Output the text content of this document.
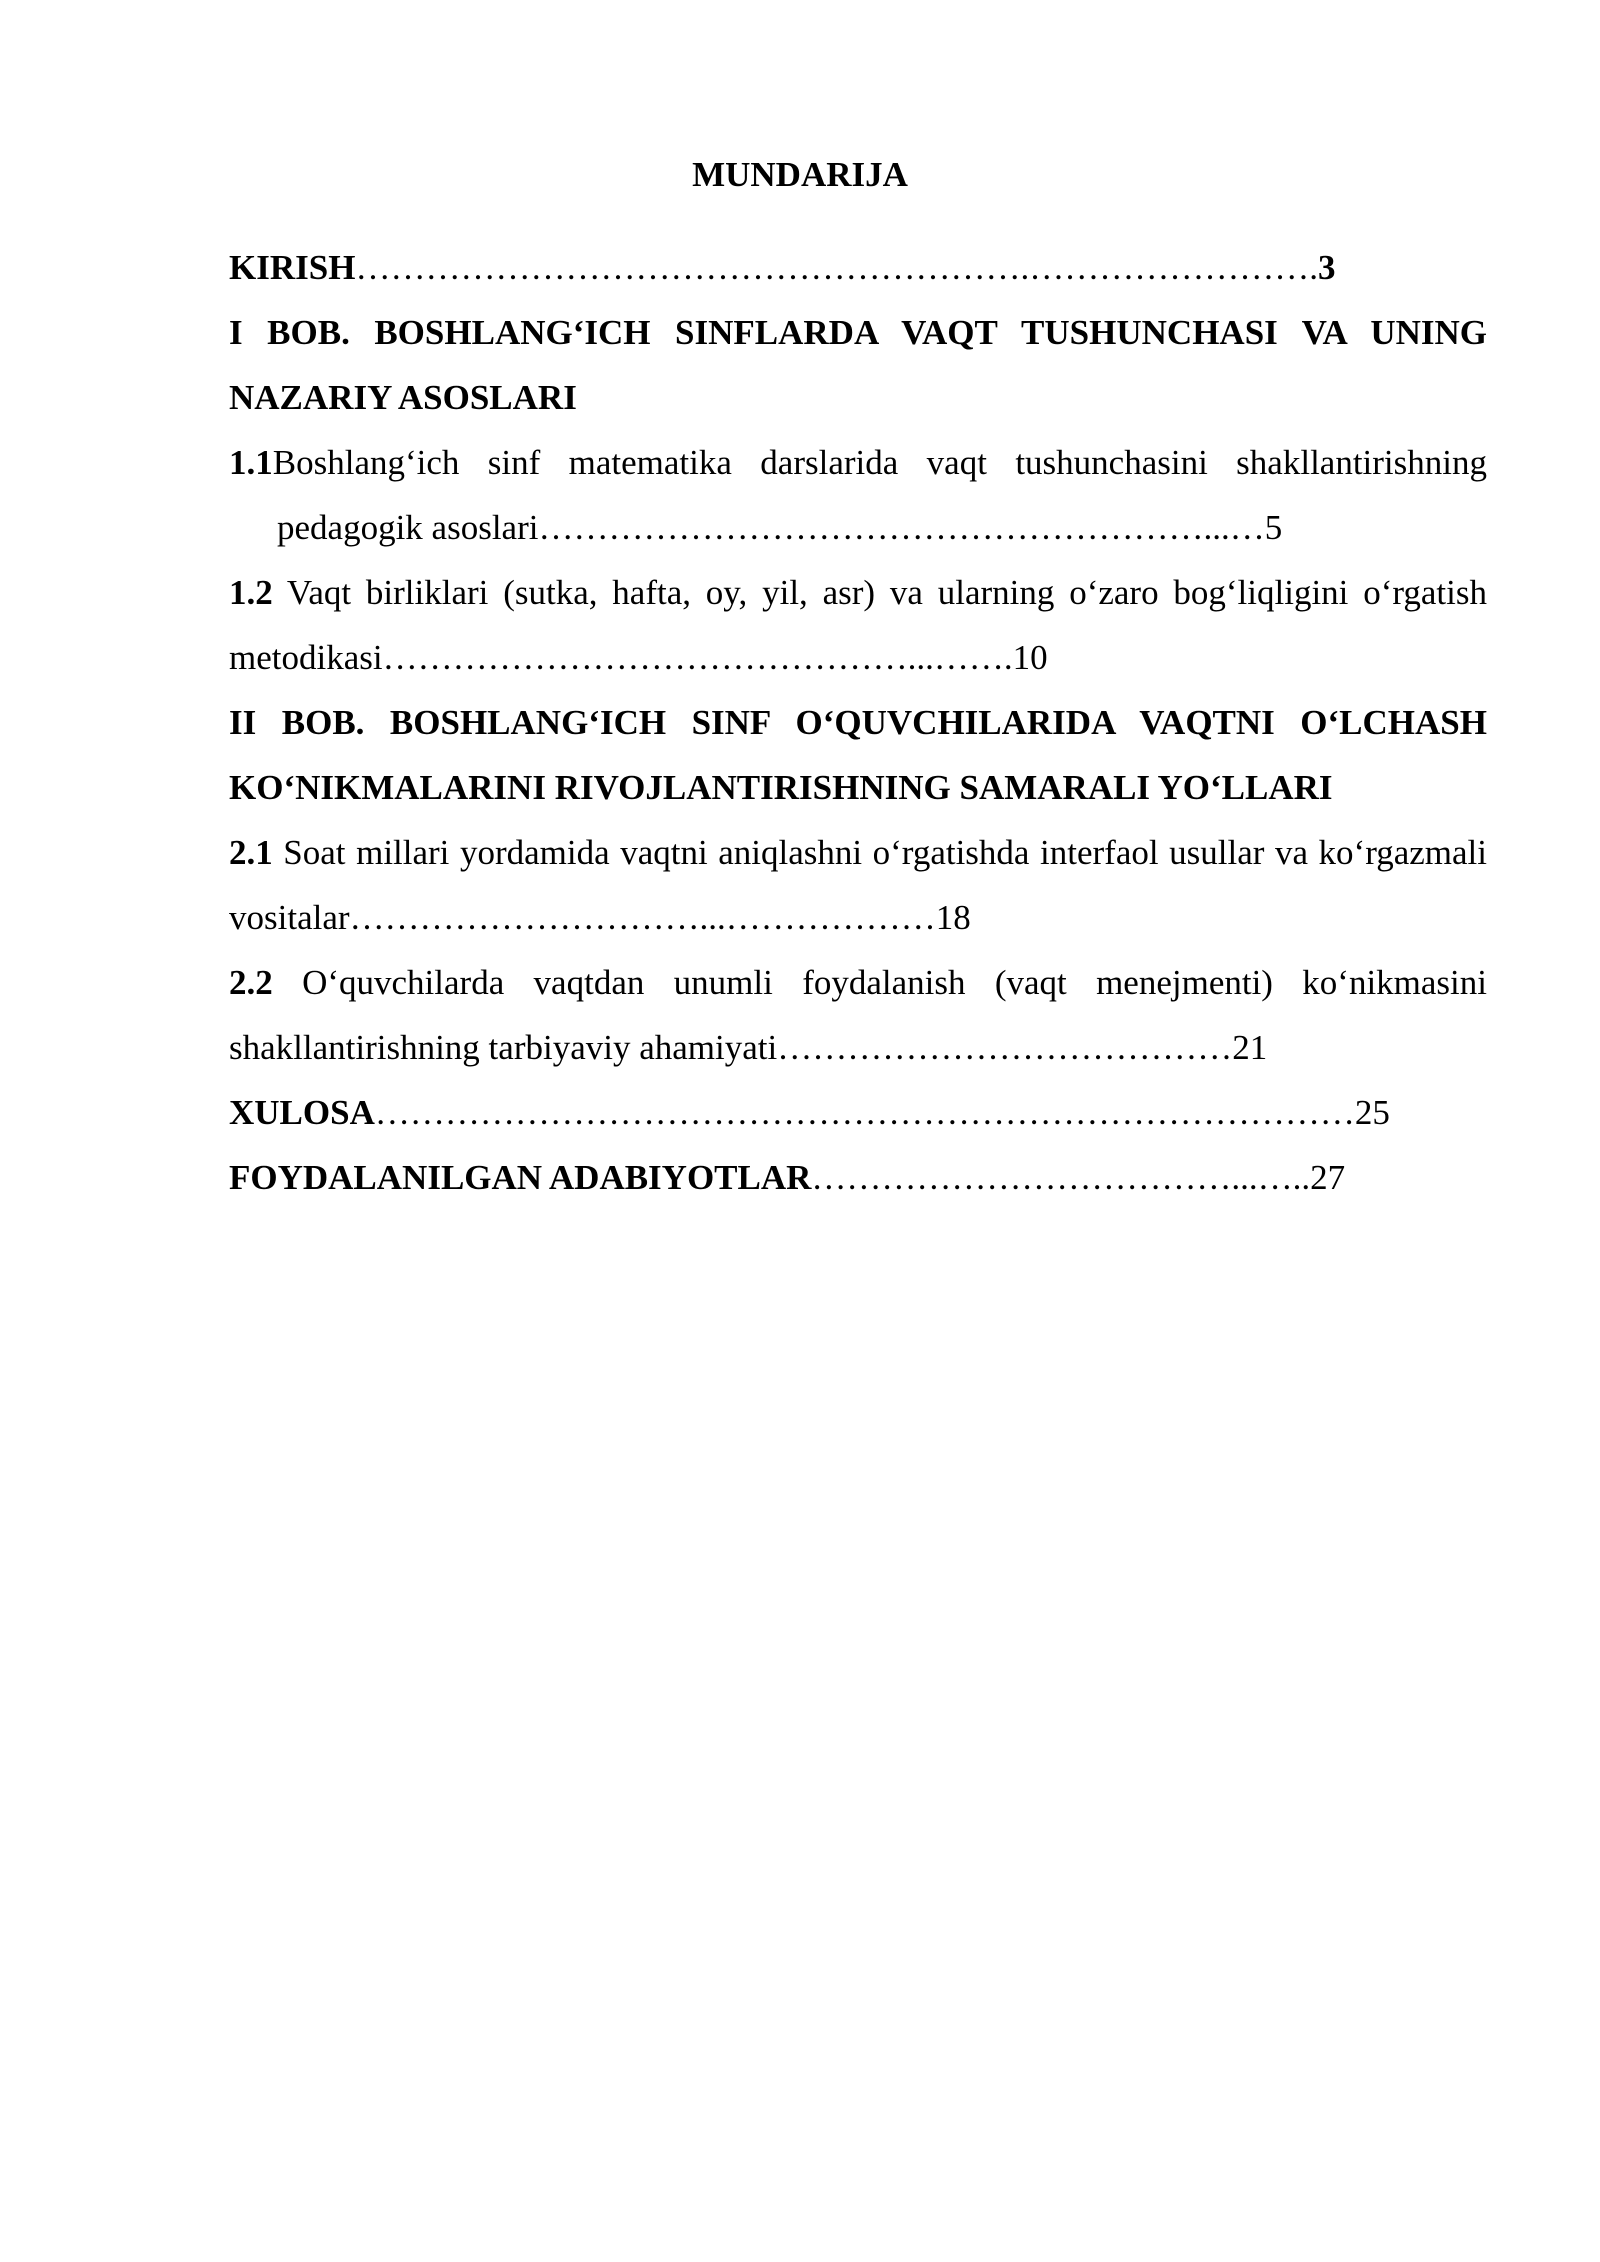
MUNDARIJA
KIRISH………………………………………………….…………………….3
I BOB. BOSHLANG‘ICH SINFLARDA VAQT TUSHUNCHASI VA UNING NAZARIY ASOSLARI
1.1Boshlang‘ich sinf matematika darslarida vaqt tushunchasini shakllantirishning pedagogik asoslari…………………………………………………...…5
1.2 Vaqt birliklari (sutka, hafta, oy, yil, asr) va ularning o‘zaro bog‘liqligini o‘rgatish metodikasi………………………………………...…….10
II BOB. BOSHLANG‘ICH SINF O‘QUVCHILARIDA VAQTNI O‘LCHASH KO‘NIKMALARINI RIVOJLANTIRISHNING SAMARALI YO‘LLARI
2.1 Soat millari yordamida vaqtni aniqlashni o‘rgatishda interfaol usullar va ko‘rgazmali vositalar…………………………...………………18
2.2 O‘quvchilarda vaqtdan unumli foydalanish (vaqt menejmenti) ko‘nikmasini shakllantirishning tarbiyaviy ahamiyati…………………………………21
XULOSA…………………………………………………………………………25
FOYDALANILGAN ADABIYOTLAR………………………………...…..27
